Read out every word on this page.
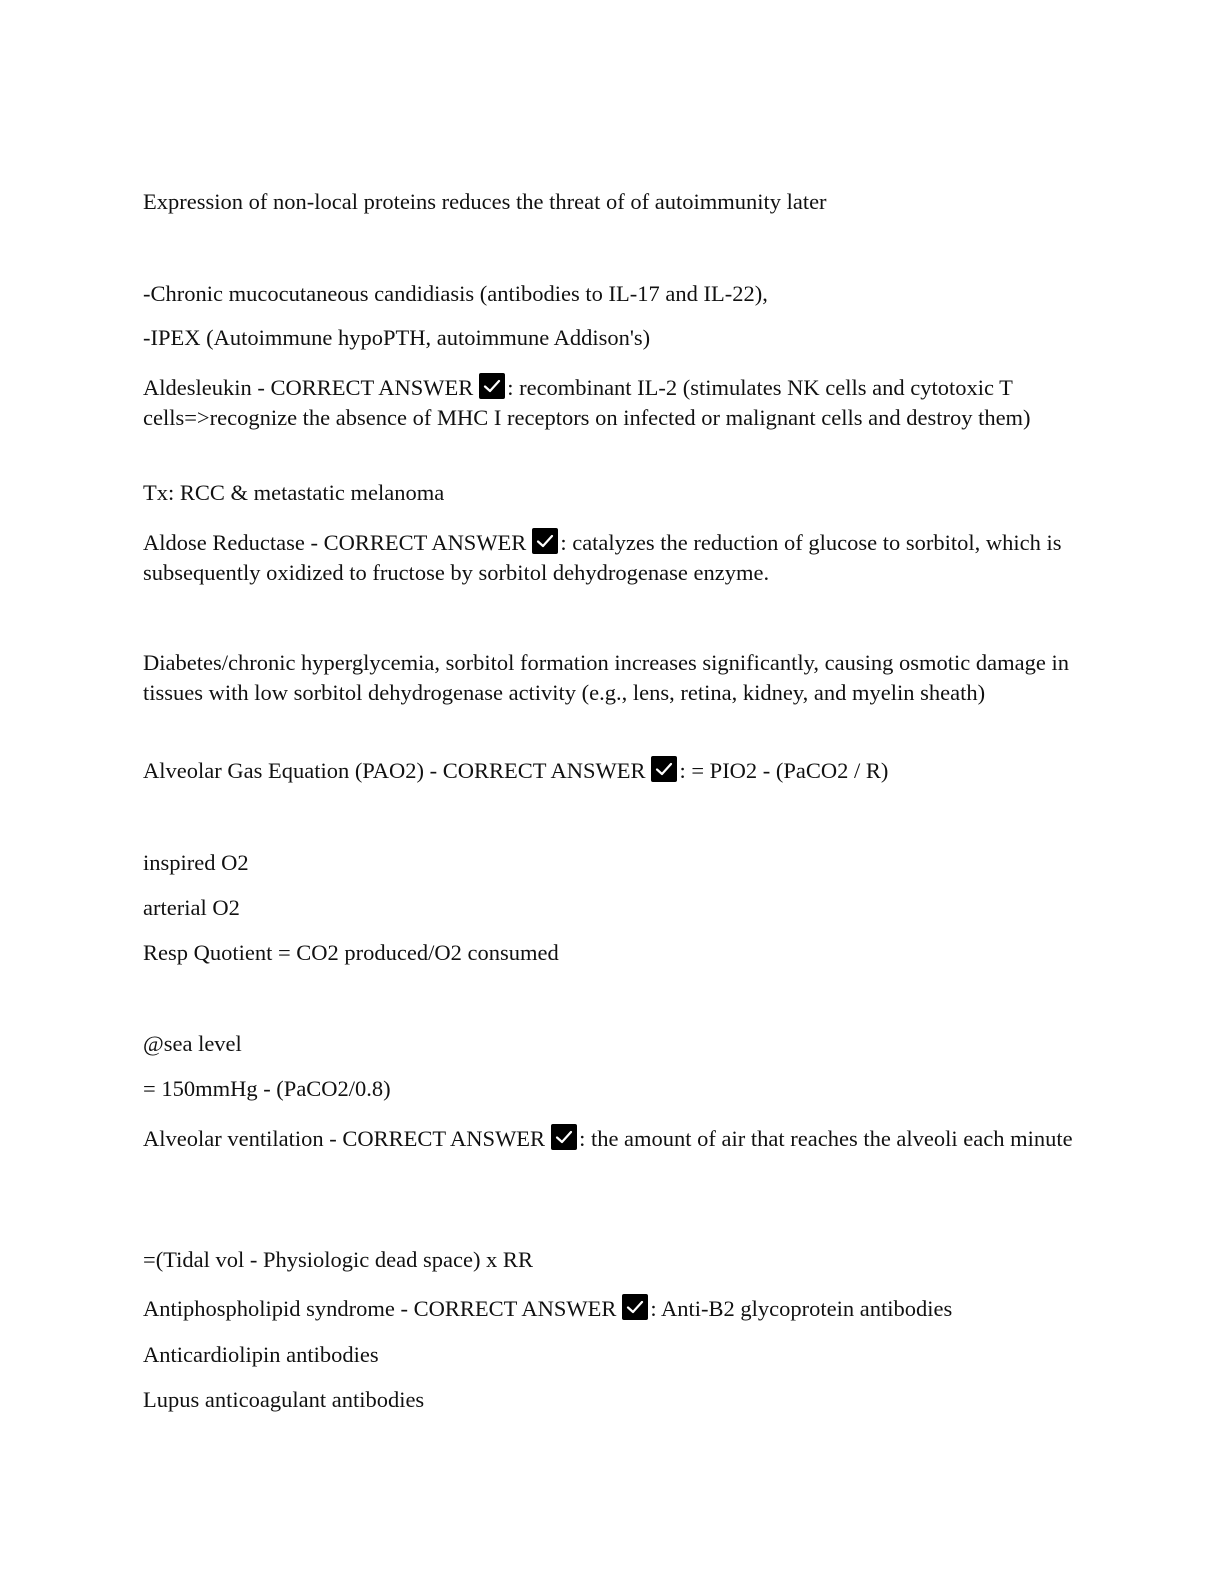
Expression of non-local proteins reduces the threat of of autoimmunity later
-Chronic mucocutaneous candidiasis (antibodies to IL-17 and IL-22),
-IPEX (Autoimmune hypoPTH, autoimmune Addison's)
Aldesleukin - CORRECT ANSWER : recombinant IL-2 (stimulates NK cells and cytotoxic T cells=>recognize the absence of MHC I receptors on infected or malignant cells and destroy them)
Tx: RCC & metastatic melanoma
Aldose Reductase - CORRECT ANSWER : catalyzes the reduction of glucose to sorbitol, which is subsequently oxidized to fructose by sorbitol dehydrogenase enzyme.
Diabetes/chronic hyperglycemia, sorbitol formation increases significantly, causing osmotic damage in tissues with low sorbitol dehydrogenase activity (e.g., lens, retina, kidney, and myelin sheath)
Alveolar Gas Equation (PAO2) - CORRECT ANSWER : = PIO2 - (PaCO2 / R)
inspired O2
arterial O2
Resp Quotient = CO2 produced/O2 consumed
@sea level
= 150mmHg - (PaCO2/0.8)
Alveolar ventilation - CORRECT ANSWER : the amount of air that reaches the alveoli each minute
=(Tidal vol - Physiologic dead space) x RR
Antiphospholipid syndrome - CORRECT ANSWER : Anti-B2 glycoprotein antibodies
Anticardiolipin antibodies
Lupus anticoagulant antibodies
